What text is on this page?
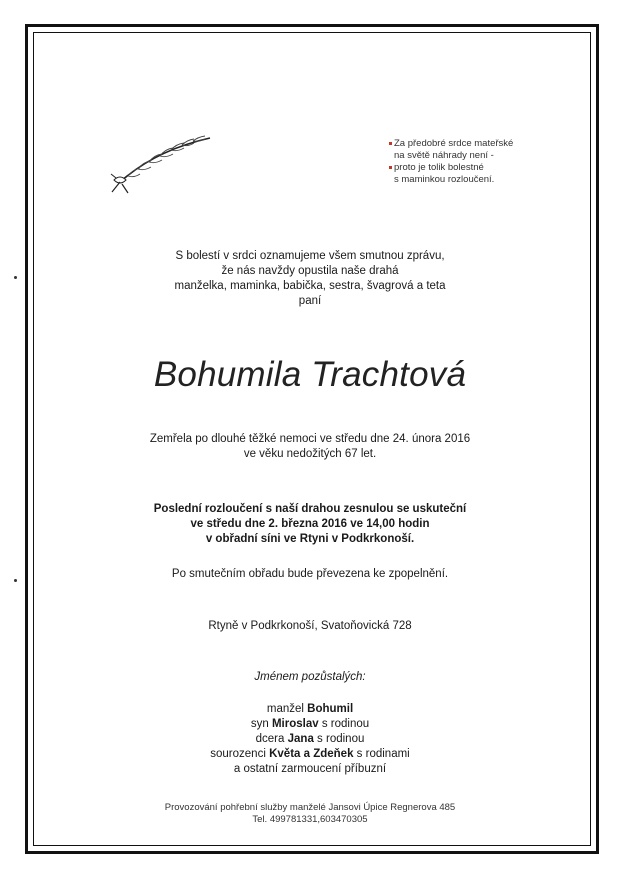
Za předobré srdce mateřské
na světě náhrady není -
proto je tolik bolestné
s maminkou rozloučení.
S bolestí v srdci oznamujeme všem smutnou zprávu,
že nás navždy opustila naše drahá
manželka, maminka, babička, sestra, švagrová a teta
paní
Bohumila Trachtová
Zemřela po dlouhé těžké nemoci ve středu dne 24. února 2016
ve věku nedožitých 67 let.
Poslední rozloučení s naší drahou zesnulou se uskuteční
ve středu dne 2. března 2016 ve 14,00 hodin
v obřadní síni ve Rtyni v Podkrkonoší.
Po smutečním obřadu bude převezena ke zpopelnění.
Rtyně v Podkrkonoší, Svatoňovická 728
Jménem pozůstalých:
manžel Bohumil
syn Miroslav s rodinou
dcera Jana s rodinou
sourozenci Květa a Zdeňek s rodinami
a ostatní zarmoucení příbuzní
Provozování pohřební služby manželé Jansovi Úpice Regnerova 485
Tel. 499781331,603470305
